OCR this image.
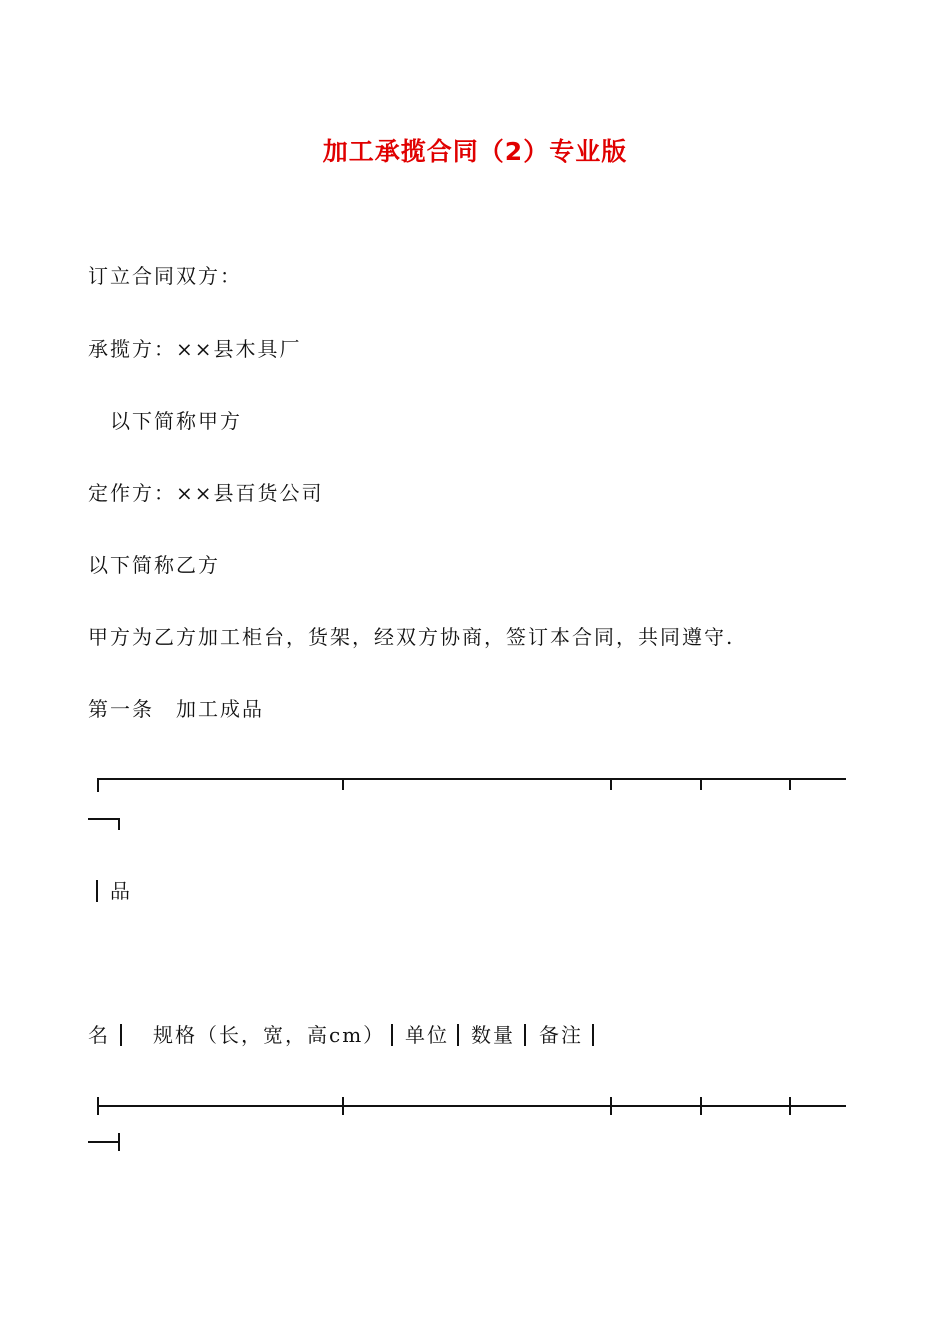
加工承揽合同（2）专业版
订立合同双方：
承揽方：××县木具厂
以下简称甲方
定作方：××县百货公司
以下简称乙方
甲方为乙方加工柜台，货架，经双方协商，签订本合同，共同遵守.
第一条　加工成品
品
名 规格（长，宽，高cm） 单位 数量 备注
